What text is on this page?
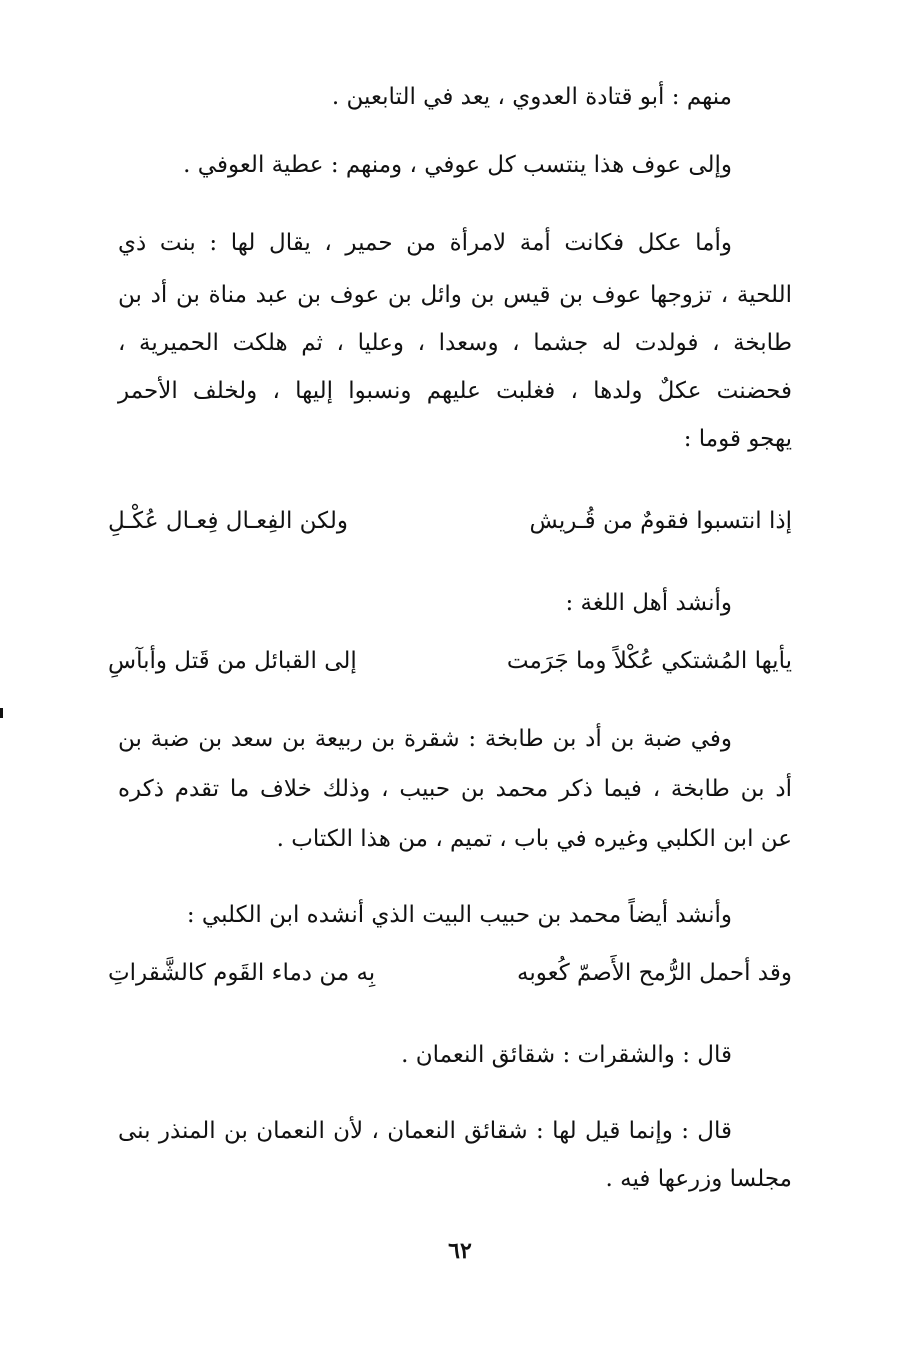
منهم : أبو قتادة العدوي ، يعد في التابعين .
وإلى عوف هذا ينتسب كل عوفي ، ومنهم : عطية العوفي .
وأما عكل فكانت أمة لامرأة من حمير ، يقال لها : بنت ذي
اللحية ، تزوجها عوف بن قيس بن وائل بن عوف بن عبد مناة بن أد بن
طابخة ، فولدت له جشما ، وسعدا ، وعليا ، ثم هلكت الحميرية ،
فحضنت عكلٌ ولدها ، فغلبت عليهم ونسبوا إليها ، ولخلف الأحمر
يهجو قوما :
إذا انتسبوا فقومٌ من قُـريش
ولكن الفِعـال فِعـال عُكْـلِ
وأنشد أهل اللغة :
يأيها المُشتكي عُكْلاً وما جَرَمت
إلى القبائل من قَتل وأبآسِ
وفي ضبة بن أد بن طابخة : شقرة بن ربيعة بن سعد بن ضبة بن
أد بن طابخة ، فيما ذكر محمد بن حبيب ، وذلك خلاف ما تقدم ذكره
عن ابن الكلبي وغيره في باب ، تميم ، من هذا الكتاب .
وأنشد أيضاً محمد بن حبيب البيت الذي أنشده ابن الكلبي :
وقد أحمل الرُّمح الأَصمّ كُعوبه
بِه من دماء القَوم كالشَّقراتِ
قال : والشقرات : شقائق النعمان .
قال : وإنما قيل لها : شقائق النعمان ، لأن النعمان بن المنذر بنى
مجلسا وزرعها فيه .
٦٢
